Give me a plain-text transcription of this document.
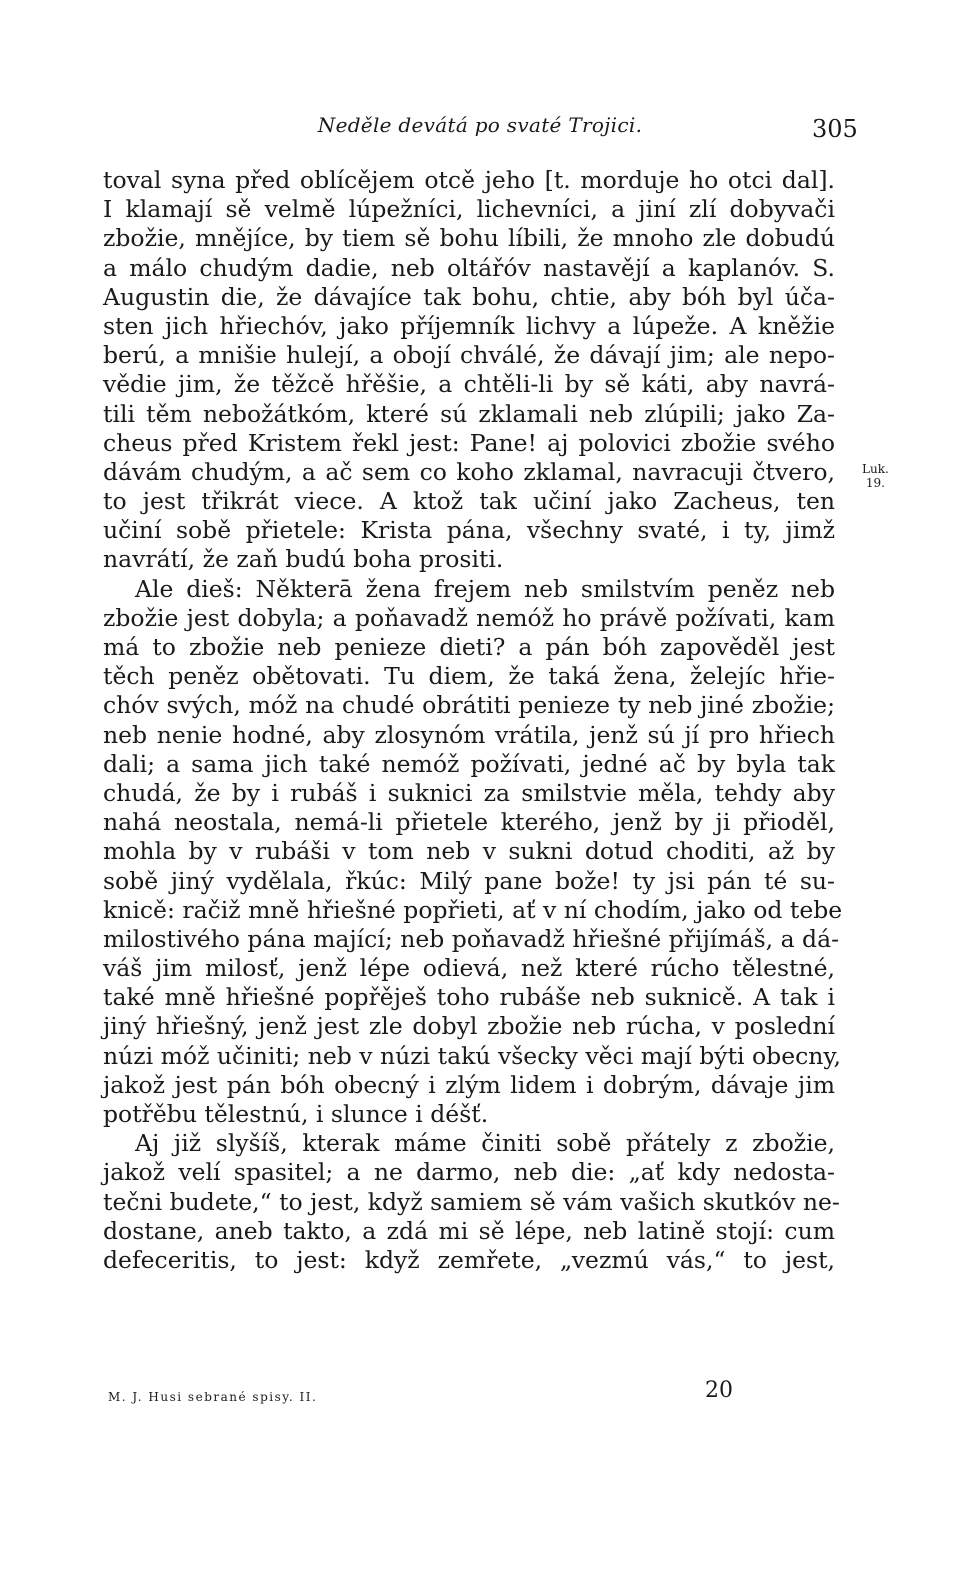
Neděle devátá po svaté Trojici.	305
toval syna před oblícějem otcě jeho [t. morduje ho otci dal].
I klamají sě velmě lúpežníci, lichevníci, a jiní zlí dobyvači
zbožie, mnějíce, by tiem sě bohu líbili, že mnoho zle dobudú
a málo chudým dadie, neb oltářóv nastavějí a kaplanóv. S.
Augustin die, že dávajíce tak bohu, chtie, aby bóh byl úča-
sten jich hřiechóv, jako příjemník lichvy a lúpeže. A kněžie
berú, a mnišie hulejí, a obojí chválé, že dávají jim; ale nepo-
vědie jim, že těžcě hřěšie, a chtěli-li by sě káti, aby navrá-
tili těm nebožátkóm, které sú zklamali neb zlúpili; jako Za-
cheus před Kristem řekl jest: Pane! aj polovici zbožie svého
dávám chudým, a ač sem co koho zklamal, navracuji čtvero,
to jest třikrát viece. A ktož tak učiní jako Zacheus, ten
učiní sobě přietele: Krista pána, všechny svaté, i ty, jimž
navrátí, že zaň budú boha prositi.
Ale dieš: Některā žena frejem neb smilstvím peněz neb
zbožie jest dobyla; a poňavadž nemóž ho právě požívati, kam
má to zbožie neb penieze dieti? a pán bóh zapověděl jest
těch peněz obětovati. Tu diem, že taká žena, želejíc hřie-
chóv svých, móž na chudé obrátiti penieze ty neb jiné zbožie;
neb nenie hodné, aby zlosynóm vrátila, jenž sú jí pro hřiech
dali; a sama jich také nemóž požívati, jedné ač by byla tak
chudá, že by i rubáš i suknici za smilstvie měla, tehdy aby
nahá neostala, nemá-li přietele kterého, jenž by ji přioděl,
mohla by v rubáši v tom neb v sukni dotud choditi, až by
sobě jiný vydělala, řkúc: Milý pane bože! ty jsi pán té su-
knicě: račiž mně hřiešné popřieti, ať v ní chodím, jako od tebe
milostivého pána mající; neb poňavadž hřiešné přijímáš, a dá-
váš jim milosť, jenž lépe odievá, než které rúcho tělestné,
také mně hřiešné popřěješ toho rubáše neb suknicě. A tak i
jiný hřiešný, jenž jest zle dobyl zbožie neb rúcha, v poslední
núzi móž učiniti; neb v núzi takú všecky věci mají býti obecny,
jakož jest pán bóh obecný i zlým lidem i dobrým, dávaje jim
potřěbu tělestnú, i slunce i déšť.
Aj již slyšíš, kterak máme činiti sobě přátely z zbožie,
jakož velí spasitel; a ne darmo, neb die: „ať kdy nedosta-
tečni budete,“ to jest, když samiem sě vám vašich skutkóv ne-
dostane, aneb takto, a zdá mi sě lépe, neb latině stojí: cum
defeceritis, to jest: když zemřete, „vezmú vás,“ to jest,
Luk.
19.
M. J. Husi sebrané spisy. II.	20
